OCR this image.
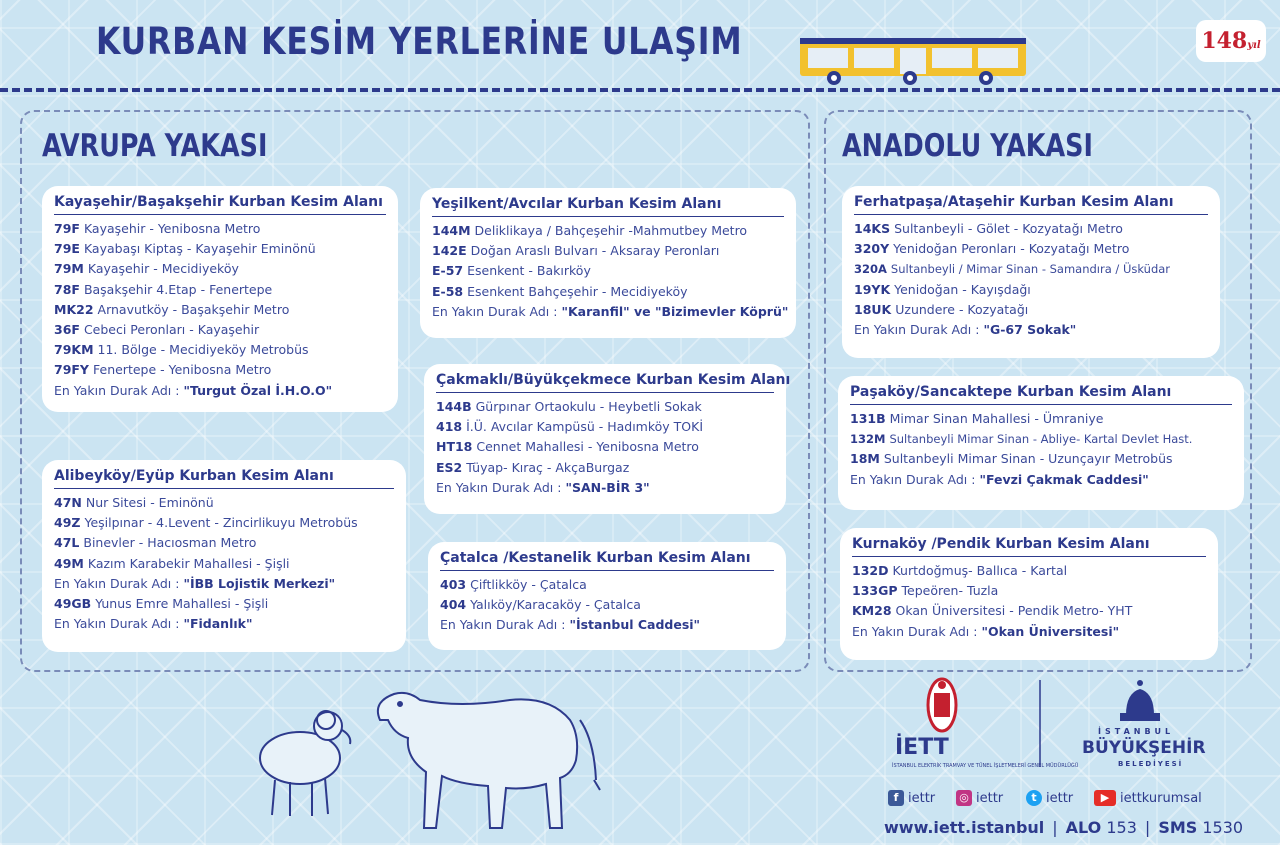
KURBAN KESİM YERLERİNE ULAŞIM	148yıl
AVRUPA YAKASI
Kayaşehir/Başakşehir Kurban Kesim Alanı
79F Kayaşehir - Yenibosna Metro
79E Kayabaşı Kiptaş - Kayaşehir Eminönü
79M Kayaşehir - Mecidiyeköy
78F Başakşehir 4.Etap - Fenertepe
MK22 Arnavutköy - Başakşehir Metro
36F Cebeci Peronları - Kayaşehir
79KM 11. Bölge - Mecidiyeköy Metrobüs
79FY Fenertepe - Yenibosna Metro
En Yakın Durak Adı : "Turgut Özal İ.H.O.O"
Alibeyköy/Eyüp Kurban Kesim Alanı
47N Nur Sitesi - Eminönü
49Z Yeşilpınar - 4.Levent - Zincirlikuyu Metrobüs
47L Binevler - Hacıosman Metro
49M Kazım Karabekir Mahallesi - Şişli
En Yakın Durak Adı : "İBB Lojistik Merkezi"
49GB Yunus Emre Mahallesi - Şişli
En Yakın Durak Adı : "Fidanlık"
Yeşilkent/Avcılar Kurban Kesim Alanı
144M Deliklikaya / Bahçeşehir -Mahmutbey Metro
142E Doğan Araslı Bulvarı - Aksaray Peronları
E-57 Esenkent - Bakırköy
E-58 Esenkent Bahçeşehir - Mecidiyeköy
En Yakın Durak Adı : "Karanfil" ve "Bizimevler Köprü"
Çakmaklı/Büyükçekmece Kurban Kesim Alanı
144B Gürpınar Ortaokulu - Heybetli Sokak
418 İ.Ü. Avcılar Kampüsü - Hadımköy TOKİ
HT18 Cennet Mahallesi - Yenibosna Metro
ES2 Tüyap- Kıraç - AkçaBurgaz
En Yakın Durak Adı : "SAN-BİR 3"
Çatalca /Kestanelik Kurban Kesim Alanı
403 Çiftlikköy - Çatalca
404 Yalıköy/Karacaköy - Çatalca
En Yakın Durak Adı : "İstanbul Caddesi"
ANADOLU YAKASI
Ferhatpaşa/Ataşehir Kurban Kesim Alanı
14KS Sultanbeyli - Gölet - Kozyatağı Metro
320Y Yenidoğan Peronları - Kozyatağı Metro
320A Sultanbeyli / Mimar Sinan - Samandıra / Üsküdar
19YK Yenidoğan - Kayışdağı
18UK Uzundere - Kozyatağı
En Yakın Durak Adı : "G-67 Sokak"
Paşaköy/Sancaktepe Kurban Kesim Alanı
131B Mimar Sinan Mahallesi - Ümraniye
132M Sultanbeyli Mimar Sinan - Abliye- Kartal Devlet Hast.
18M Sultanbeyli Mimar Sinan - Uzunçayır Metrobüs
En Yakın Durak Adı : "Fevzi Çakmak Caddesi"
Kurnaköy /Pendik Kurban Kesim Alanı
132D Kurtdoğmuş- Ballıca - Kartal
133GP Tepeören- Tuzla
KM28 Okan Üniversitesi - Pendik Metro- YHT
En Yakın Durak Adı : "Okan Üniversitesi"
İETT
İSTANBUL ELEKTRİK TRAMVAY VE TÜNEL İŞLETMELERİ GENEL MÜDÜRLÜĞÜ
İSTANBUL
BÜYÜKŞEHİR
BELEDİYESİ
f iettr ◎ iettr	t iettr	▶ iettkurumsal
www.iett.istanbul | ALO 153 | SMS 1530
